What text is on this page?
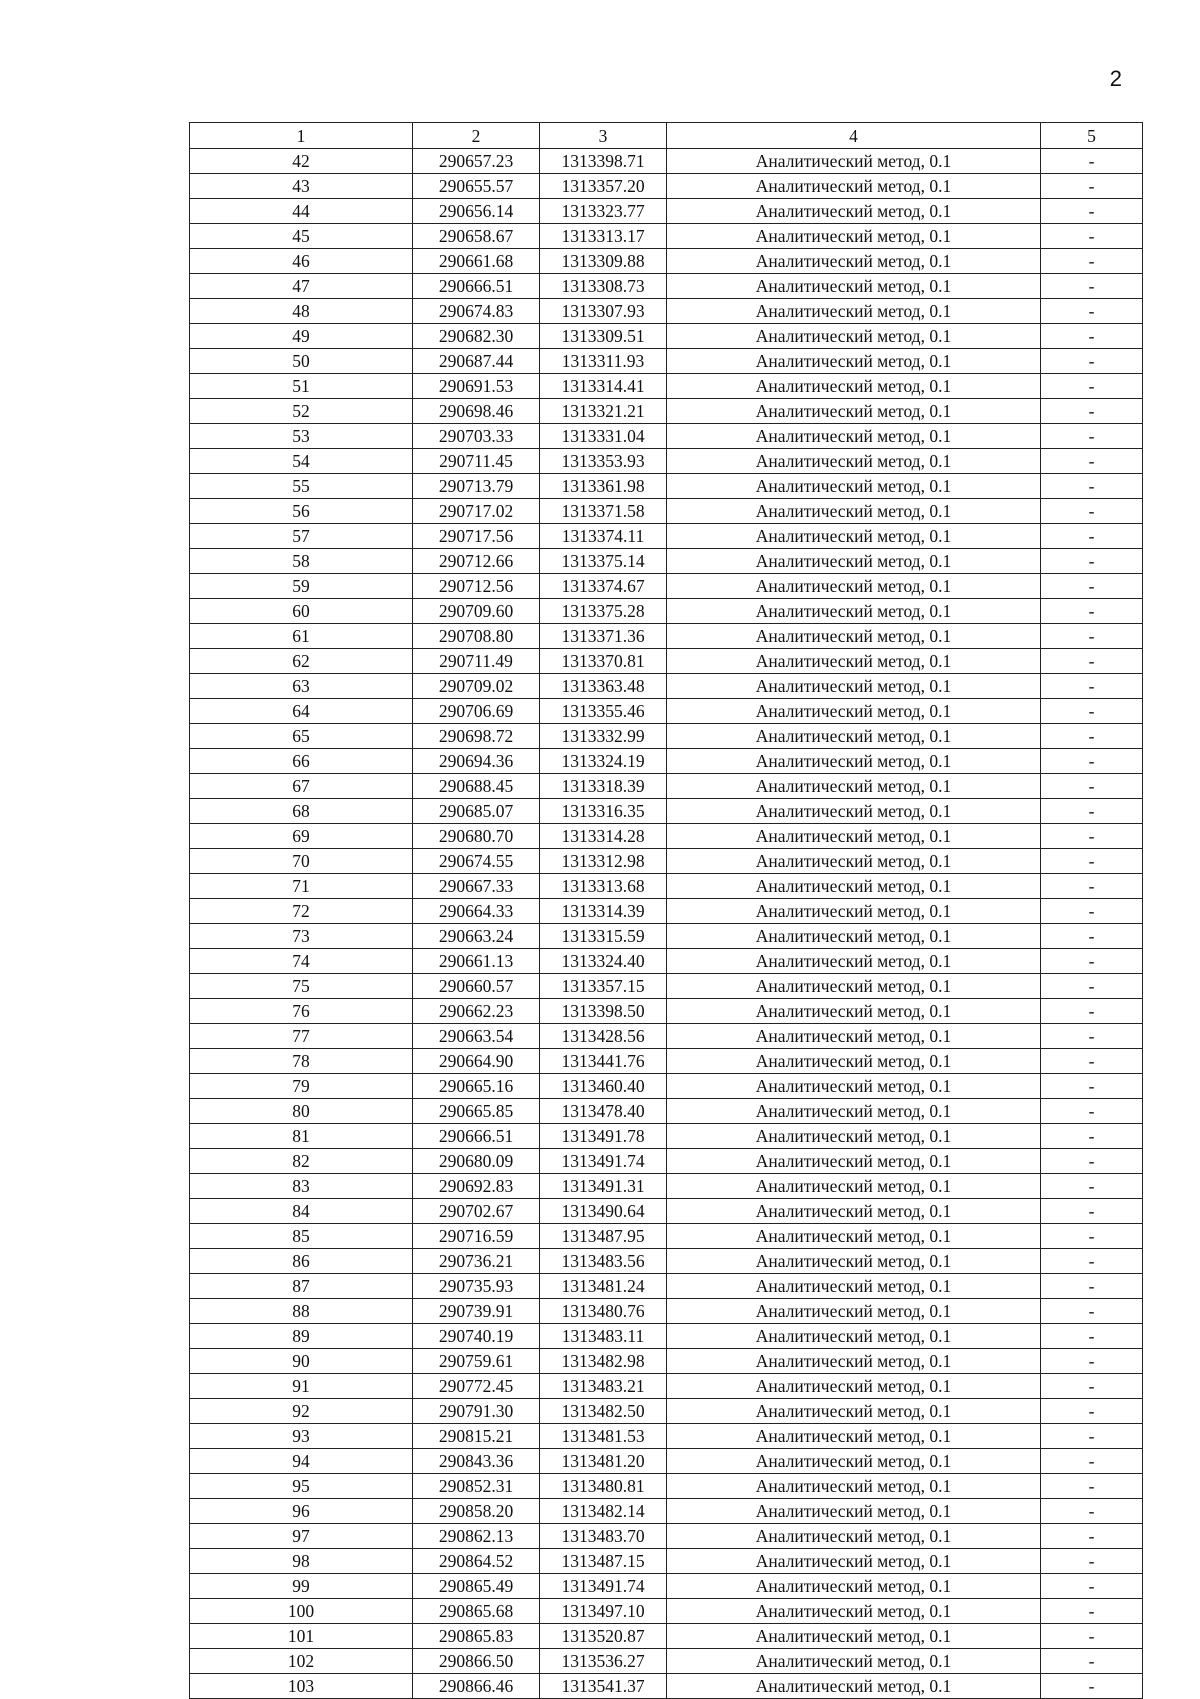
2
1	2	3	4	5
42	290657.23	1313398.71	Аналитический метод, 0.1	-
43	290655.57	1313357.20	Аналитический метод, 0.1	-
44	290656.14	1313323.77	Аналитический метод, 0.1	-
45	290658.67	1313313.17	Аналитический метод, 0.1	-
46	290661.68	1313309.88	Аналитический метод, 0.1	-
47	290666.51	1313308.73	Аналитический метод, 0.1	-
48	290674.83	1313307.93	Аналитический метод, 0.1	-
49	290682.30	1313309.51	Аналитический метод, 0.1	-
50	290687.44	1313311.93	Аналитический метод, 0.1	-
51	290691.53	1313314.41	Аналитический метод, 0.1	-
52	290698.46	1313321.21	Аналитический метод, 0.1	-
53	290703.33	1313331.04	Аналитический метод, 0.1	-
54	290711.45	1313353.93	Аналитический метод, 0.1	-
55	290713.79	1313361.98	Аналитический метод, 0.1	-
56	290717.02	1313371.58	Аналитический метод, 0.1	-
57	290717.56	1313374.11	Аналитический метод, 0.1	-
58	290712.66	1313375.14	Аналитический метод, 0.1	-
59	290712.56	1313374.67	Аналитический метод, 0.1	-
60	290709.60	1313375.28	Аналитический метод, 0.1	-
61	290708.80	1313371.36	Аналитический метод, 0.1	-
62	290711.49	1313370.81	Аналитический метод, 0.1	-
63	290709.02	1313363.48	Аналитический метод, 0.1	-
64	290706.69	1313355.46	Аналитический метод, 0.1	-
65	290698.72	1313332.99	Аналитический метод, 0.1	-
66	290694.36	1313324.19	Аналитический метод, 0.1	-
67	290688.45	1313318.39	Аналитический метод, 0.1	-
68	290685.07	1313316.35	Аналитический метод, 0.1	-
69	290680.70	1313314.28	Аналитический метод, 0.1	-
70	290674.55	1313312.98	Аналитический метод, 0.1	-
71	290667.33	1313313.68	Аналитический метод, 0.1	-
72	290664.33	1313314.39	Аналитический метод, 0.1	-
73	290663.24	1313315.59	Аналитический метод, 0.1	-
74	290661.13	1313324.40	Аналитический метод, 0.1	-
75	290660.57	1313357.15	Аналитический метод, 0.1	-
76	290662.23	1313398.50	Аналитический метод, 0.1	-
77	290663.54	1313428.56	Аналитический метод, 0.1	-
78	290664.90	1313441.76	Аналитический метод, 0.1	-
79	290665.16	1313460.40	Аналитический метод, 0.1	-
80	290665.85	1313478.40	Аналитический метод, 0.1	-
81	290666.51	1313491.78	Аналитический метод, 0.1	-
82	290680.09	1313491.74	Аналитический метод, 0.1	-
83	290692.83	1313491.31	Аналитический метод, 0.1	-
84	290702.67	1313490.64	Аналитический метод, 0.1	-
85	290716.59	1313487.95	Аналитический метод, 0.1	-
86	290736.21	1313483.56	Аналитический метод, 0.1	-
87	290735.93	1313481.24	Аналитический метод, 0.1	-
88	290739.91	1313480.76	Аналитический метод, 0.1	-
89	290740.19	1313483.11	Аналитический метод, 0.1	-
90	290759.61	1313482.98	Аналитический метод, 0.1	-
91	290772.45	1313483.21	Аналитический метод, 0.1	-
92	290791.30	1313482.50	Аналитический метод, 0.1	-
93	290815.21	1313481.53	Аналитический метод, 0.1	-
94	290843.36	1313481.20	Аналитический метод, 0.1	-
95	290852.31	1313480.81	Аналитический метод, 0.1	-
96	290858.20	1313482.14	Аналитический метод, 0.1	-
97	290862.13	1313483.70	Аналитический метод, 0.1	-
98	290864.52	1313487.15	Аналитический метод, 0.1	-
99	290865.49	1313491.74	Аналитический метод, 0.1	-
100	290865.68	1313497.10	Аналитический метод, 0.1	-
101	290865.83	1313520.87	Аналитический метод, 0.1	-
102	290866.50	1313536.27	Аналитический метод, 0.1	-
103	290866.46	1313541.37	Аналитический метод, 0.1	-
